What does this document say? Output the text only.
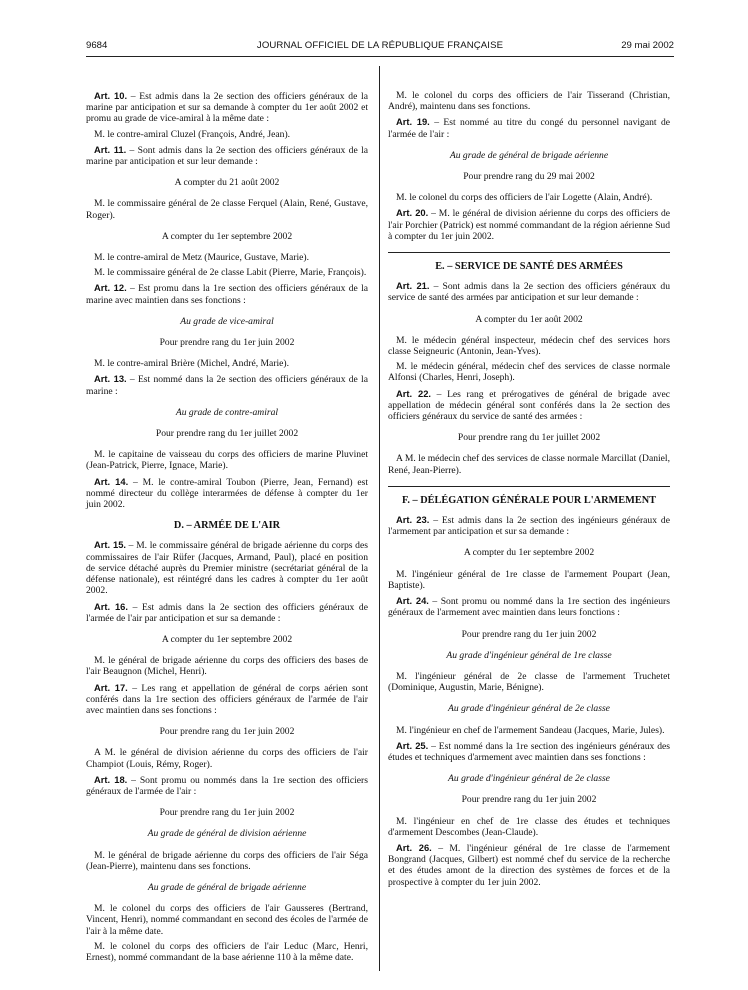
9684	JOURNAL OFFICIEL DE LA RÉPUBLIQUE FRANÇAISE	29 mai 2002

Art. 10. – Est admis dans la 2e section des officiers généraux de la marine par anticipation et sur sa demande à compter du 1er août 2002 et promu au grade de vice-amiral à la même date :

M. le contre-amiral Cluzel (François, André, Jean).

Art. 11. – Sont admis dans la 2e section des officiers généraux de la marine par anticipation et sur leur demande :

A compter du 21 août 2002

M. le commissaire général de 2e classe Ferquel (Alain, René, Gustave, Roger).

A compter du 1er septembre 2002

M. le contre-amiral de Metz (Maurice, Gustave, Marie).

M. le commissaire général de 2e classe Labit (Pierre, Marie, François).

Art. 12. – Est promu dans la 1re section des officiers généraux de la marine avec maintien dans ses fonctions :

Au grade de vice-amiral

Pour prendre rang du 1er juin 2002

M. le contre-amiral Brière (Michel, André, Marie).

Art. 13. – Est nommé dans la 2e section des officiers généraux de la marine :

Au grade de contre-amiral

Pour prendre rang du 1er juillet 2002

M. le capitaine de vaisseau du corps des officiers de marine Pluvinet (Jean-Patrick, Pierre, Ignace, Marie).

Art. 14. – M. le contre-amiral Toubon (Pierre, Jean, Fernand) est nommé directeur du collège interarmées de défense à compter du 1er juin 2002.

D. – ARMÉE DE L'AIR

Art. 15. – M. le commissaire général de brigade aérienne du corps des commissaires de l'air Rüfer (Jacques, Armand, Paul), placé en position de service détaché auprès du Premier ministre (secrétariat général de la défense nationale), est réintégré dans les cadres à compter du 1er août 2002.

Art. 16. – Est admis dans la 2e section des officiers généraux de l'armée de l'air par anticipation et sur sa demande :

A compter du 1er septembre 2002

M. le général de brigade aérienne du corps des officiers des bases de l'air Beaugnon (Michel, Henri).

Art. 17. – Les rang et appellation de général de corps aérien sont conférés dans la 1re section des officiers généraux de l'armée de l'air avec maintien dans ses fonctions :

Pour prendre rang du 1er juin 2002

A M. le général de division aérienne du corps des officiers de l'air Champiot (Louis, Rémy, Roger).

Art. 18. – Sont promu ou nommés dans la 1re section des officiers généraux de l'armée de l'air :

Pour prendre rang du 1er juin 2002

Au grade de général de division aérienne

M. le général de brigade aérienne du corps des officiers de l'air Séga (Jean-Pierre), maintenu dans ses fonctions.

Au grade de général de brigade aérienne

M. le colonel du corps des officiers de l'air Gausseres (Bertrand, Vincent, Henri), nommé commandant en second des écoles de l'armée de l'air à la même date.

M. le colonel du corps des officiers de l'air Leduc (Marc, Henri, Ernest), nommé commandant de la base aérienne 110 à la même date.

M. le colonel du corps des officiers de l'air Tisserand (Christian, André), maintenu dans ses fonctions.

Art. 19. – Est nommé au titre du congé du personnel navigant de l'armée de l'air :

Au grade de général de brigade aérienne

Pour prendre rang du 29 mai 2002

M. le colonel du corps des officiers de l'air Logette (Alain, André).

Art. 20. – M. le général de division aérienne du corps des officiers de l'air Porchier (Patrick) est nommé commandant de la région aérienne Sud à compter du 1er juin 2002.

E. – SERVICE DE SANTÉ DES ARMÉES

Art. 21. – Sont admis dans la 2e section des officiers généraux du service de santé des armées par anticipation et sur leur demande :

A compter du 1er août 2002

M. le médecin général inspecteur, médecin chef des services hors classe Seigneuric (Antonin, Jean-Yves).

M. le médecin général, médecin chef des services de classe normale Alfonsi (Charles, Henri, Joseph).

Art. 22. – Les rang et prérogatives de général de brigade avec appellation de médecin général sont conférés dans la 2e section des officiers généraux du service de santé des armées :

Pour prendre rang du 1er juillet 2002

A M. le médecin chef des services de classe normale Marcillat (Daniel, René, Jean-Pierre).

F. – DÉLÉGATION GÉNÉRALE POUR L'ARMEMENT

Art. 23. – Est admis dans la 2e section des ingénieurs généraux de l'armement par anticipation et sur sa demande :

A compter du 1er septembre 2002

M. l'ingénieur général de 1re classe de l'armement Poupart (Jean, Baptiste).

Art. 24. – Sont promu ou nommé dans la 1re section des ingénieurs généraux de l'armement avec maintien dans leurs fonctions :

Pour prendre rang du 1er juin 2002

Au grade d'ingénieur général de 1re classe

M. l'ingénieur général de 2e classe de l'armement Truchetet (Dominique, Augustin, Marie, Bénigne).

Au grade d'ingénieur général de 2e classe

M. l'ingénieur en chef de l'armement Sandeau (Jacques, Marie, Jules).

Art. 25. – Est nommé dans la 1re section des ingénieurs généraux des études et techniques d'armement avec maintien dans ses fonctions :

Au grade d'ingénieur général de 2e classe

Pour prendre rang du 1er juin 2002

M. l'ingénieur en chef de 1re classe des études et techniques d'armement Descombes (Jean-Claude).

Art. 26. – M. l'ingénieur général de 1re classe de l'armement Bongrand (Jacques, Gilbert) est nommé chef du service de la recherche et des études amont de la direction des systèmes de forces et de la prospective à compter du 1er juin 2002.
